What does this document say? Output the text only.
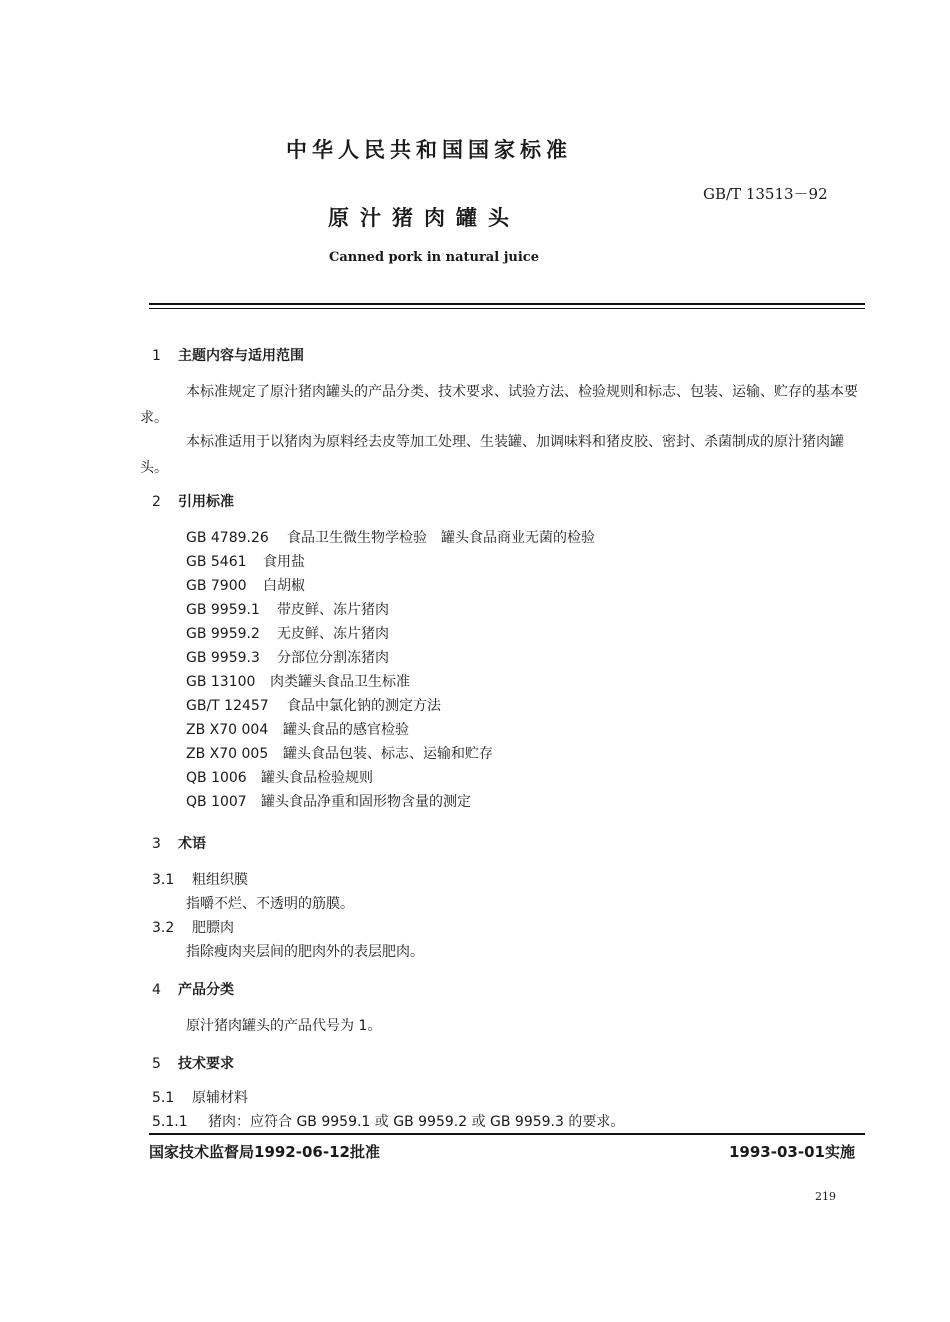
中华人民共和国国家标准
GB/T 13513－92
原汁猪肉罐头
Canned pork in natural juice
1 主题内容与适用范围
本标准规定了原汁猪肉罐头的产品分类、技术要求、试验方法、检验规则和标志、包装、运输、贮存的基本要求。
本标准适用于以猪肉为原料经去皮等加工处理、生装罐、加调味料和猪皮胶、密封、杀菌制成的原汁猪肉罐头。
2 引用标准
GB 4789.26 食品卫生微生物学检验　罐头食品商业无菌的检验
GB 5461 食用盐
GB 7900 白胡椒
GB 9959.1 带皮鲜、冻片猪肉
GB 9959.2 无皮鲜、冻片猪肉
GB 9959.3 分部位分割冻猪肉
GB 13100 肉类罐头食品卫生标准
GB/T 12457 食品中氯化钠的测定方法
ZB X70 004 罐头食品的感官检验
ZB X70 005 罐头食品包装、标志、运输和贮存
QB 1006 罐头食品检验规则
QB 1007 罐头食品净重和固形物含量的测定
3 术语
3.1 粗组织膜
指嚼不烂、不透明的筋膜。
3.2 肥膘肉
指除瘦肉夹层间的肥肉外的表层肥肉。
4 产品分类
原汁猪肉罐头的产品代号为 1。
5 技术要求
5.1 原辅材料
5.1.1 猪肉：应符合 GB 9959.1 或 GB 9959.2 或 GB 9959.3 的要求。
国家技术监督局1992-06-12批准	1993-03-01实施
219
